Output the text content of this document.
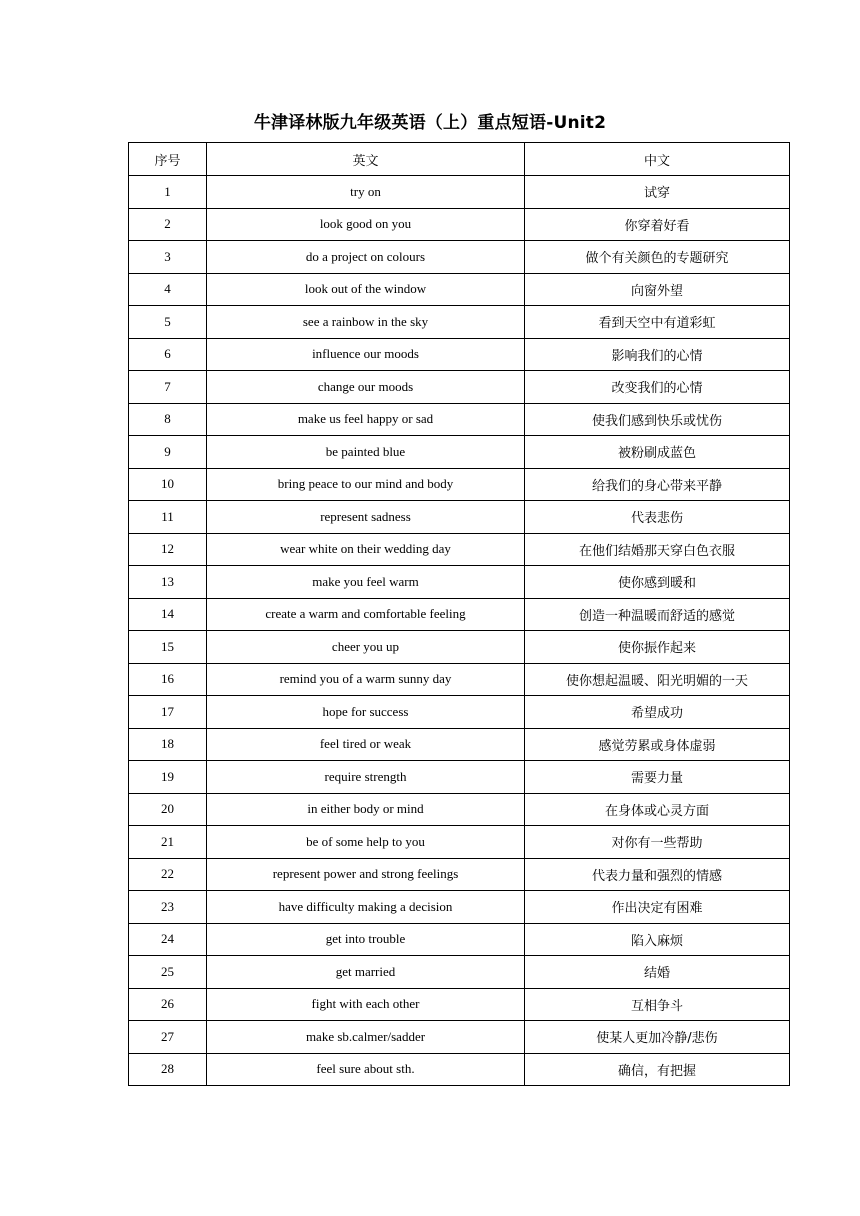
牛津译林版九年级英语（上）重点短语-Unit2
序号	英文	中文
1	try on	试穿
2	look good on you	你穿着好看
3	do a project on colours	做个有关颜色的专题研究
4	look out of the window	向窗外望
5	see a rainbow in the sky	看到天空中有道彩虹
6	influence our moods	影响我们的心情
7	change our moods	改变我们的心情
8	make us feel happy or sad	使我们感到快乐或忧伤
9	be painted blue	被粉刷成蓝色
10	bring peace to our mind and body	给我们的身心带来平静
11	represent sadness	代表悲伤
12	wear white on their wedding day	在他们结婚那天穿白色衣服
13	make you feel warm	使你感到暖和
14	create a warm and comfortable feeling	创造一种温暖而舒适的感觉
15	cheer you up	使你振作起来
16	remind you of a warm sunny day	使你想起温暖、阳光明媚的一天
17	hope for success	希望成功
18	feel tired or weak	感觉劳累或身体虚弱
19	require strength	需要力量
20	in either body or mind	在身体或心灵方面
21	be of some help to you	对你有一些帮助
22	represent power and strong feelings	代表力量和强烈的情感
23	have difficulty making a decision	作出决定有困难
24	get into trouble	陷入麻烦
25	get married	结婚
26	fight with each other	互相争斗
27	make sb.calmer/sadder	使某人更加冷静/悲伤
28	feel sure about sth.	确信，有把握
